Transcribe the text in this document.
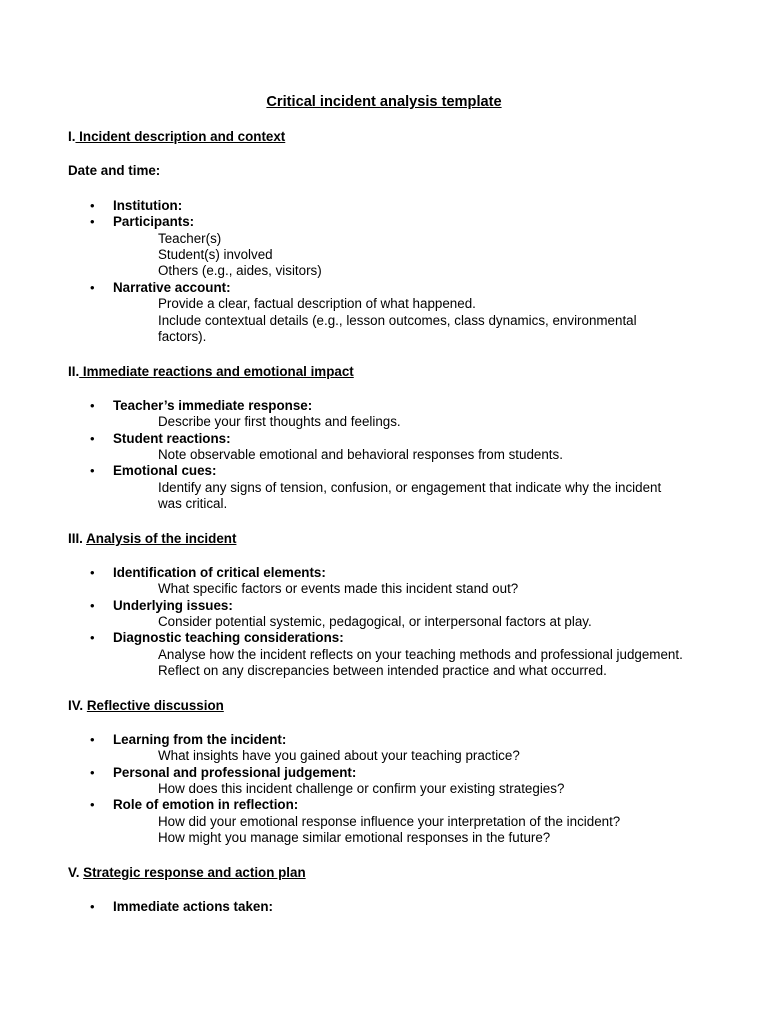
Critical incident analysis template
I. Incident description and context
Date and time:
• Institution:
• Participants:
Teacher(s)
Student(s) involved
Others (e.g., aides, visitors)
• Narrative account:
Provide a clear, factual description of what happened.
Include contextual details (e.g., lesson outcomes, class dynamics, environmental
factors).
II. Immediate reactions and emotional impact
• Teacher’s immediate response:
Describe your first thoughts and feelings.
• Student reactions:
Note observable emotional and behavioral responses from students.
• Emotional cues:
Identify any signs of tension, confusion, or engagement that indicate why the incident
was critical.
III. Analysis of the incident
• Identification of critical elements:
What specific factors or events made this incident stand out?
• Underlying issues:
Consider potential systemic, pedagogical, or interpersonal factors at play.
• Diagnostic teaching considerations:
Analyse how the incident reflects on your teaching methods and professional judgement.
Reflect on any discrepancies between intended practice and what occurred.
IV. Reflective discussion
• Learning from the incident:
What insights have you gained about your teaching practice?
• Personal and professional judgement:
How does this incident challenge or confirm your existing strategies?
• Role of emotion in reflection:
How did your emotional response influence your interpretation of the incident?
How might you manage similar emotional responses in the future?
V. Strategic response and action plan
• Immediate actions taken:
